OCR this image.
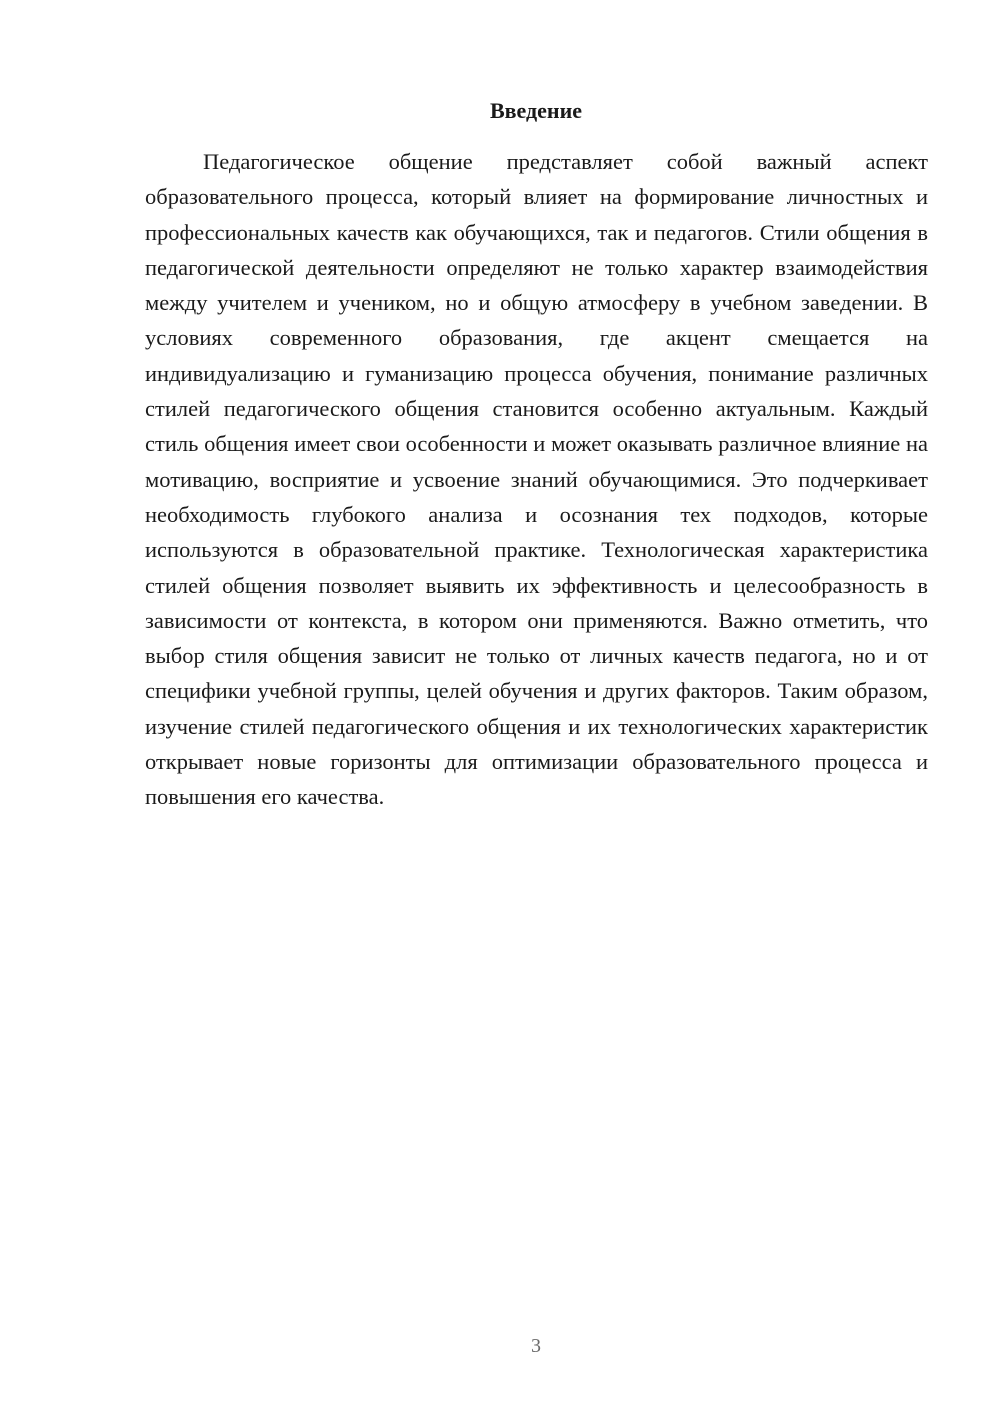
Введение

Педагогическое общение представляет собой важный аспект образовательного процесса, который влияет на формирование личностных и профессиональных качеств как обучающихся, так и педагогов. Стили общения в педагогической деятельности определяют не только характер взаимодействия между учителем и учеником, но и общую атмосферу в учебном заведении. В условиях современного образования, где акцент смещается на индивидуализацию и гуманизацию процесса обучения, понимание различных стилей педагогического общения становится особенно актуальным. Каждый стиль общения имеет свои особенности и может оказывать различное влияние на мотивацию, восприятие и усвоение знаний обучающимися. Это подчеркивает необходимость глубокого анализа и осознания тех подходов, которые используются в образовательной практике. Технологическая характеристика стилей общения позволяет выявить их эффективность и целесообразность в зависимости от контекста, в котором они применяются. Важно отметить, что выбор стиля общения зависит не только от личных качеств педагога, но и от специфики учебной группы, целей обучения и других факторов. Таким образом, изучение стилей педагогического общения и их технологических характеристик открывает новые горизонты для оптимизации образовательного процесса и повышения его качества.

3
